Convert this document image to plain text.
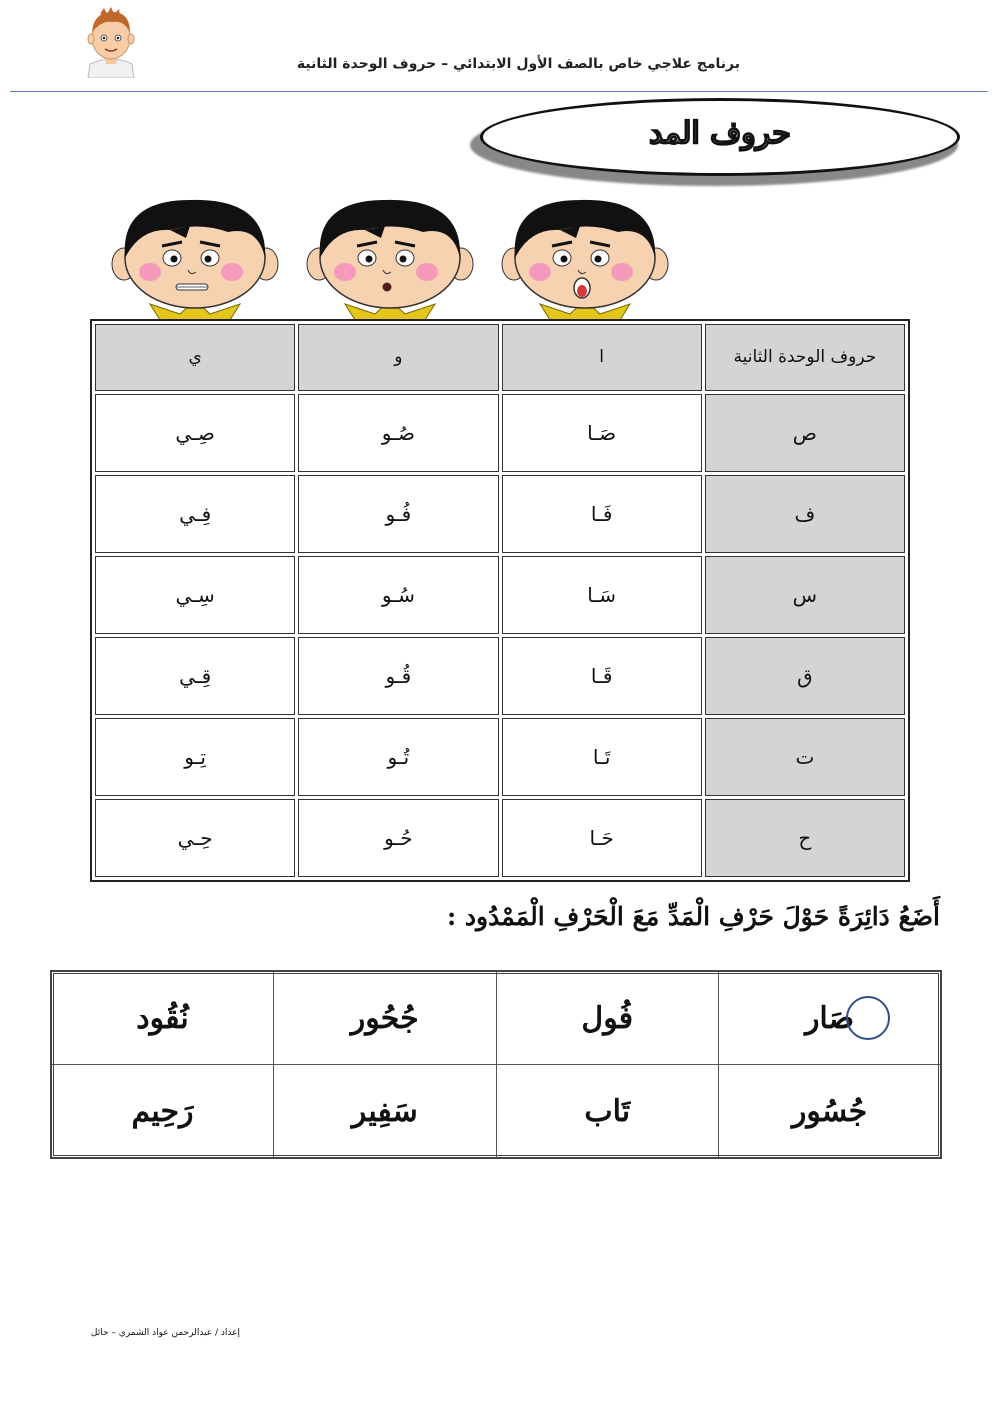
برنامج علاجي خاص بالصف الأول الابتدائي – حروف الوحدة الثانية
حروف المد
حروف الوحدة الثانية	ا	و	ي
ص	صَـا	صُـو	صِـي
ف	فَـا	فُـو	فِـي
س	سَـا	سُـو	سِـي
ق	قَـا	قُـو	قِـي
ت	تَـا	تُـو	تِـو
ح	حَـا	حُـو	حِـي
أَضَعُ دَائِرَةً حَوْلَ حَرْفِ الْمَدِّ مَعَ الْحَرْفِ الْمَمْدُود :
صَار	فُول	جُحُور	نُقُود
جُسُور	تَاب	سَفِير	رَحِيم
إعداد / عبدالرحمن عواد الشمري – حائل
